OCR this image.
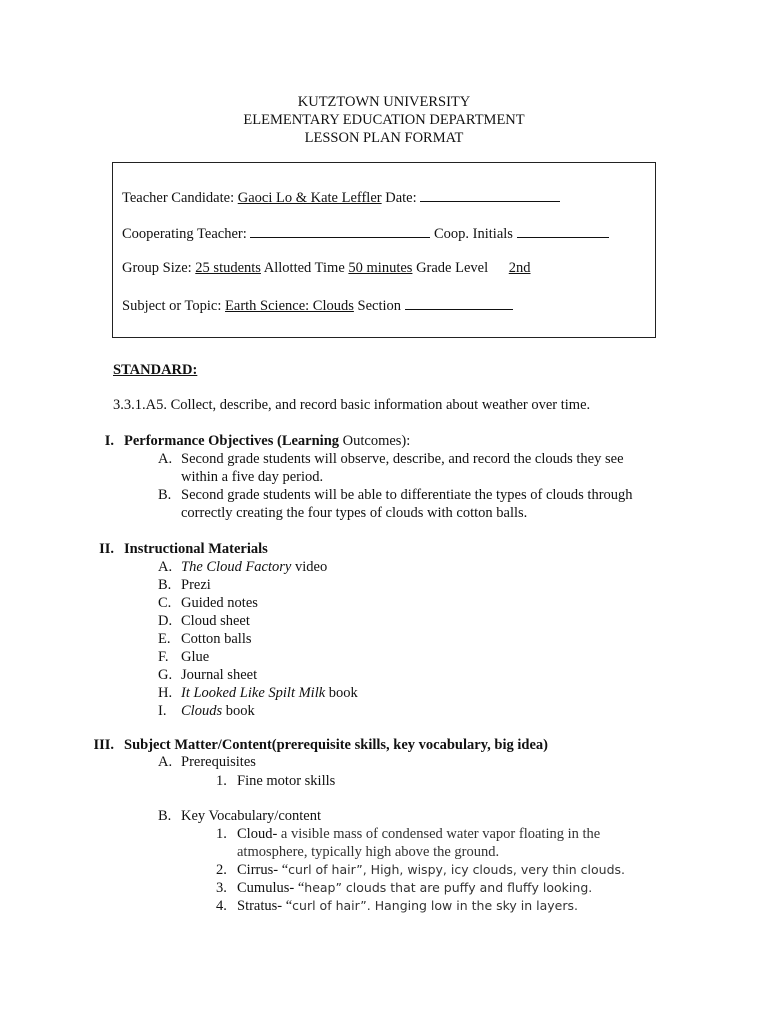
KUTZTOWN UNIVERSITY
ELEMENTARY EDUCATION DEPARTMENT
LESSON PLAN FORMAT
Teacher Candidate: Gaoci Lo & Kate Leffler Date:
Cooperating Teacher:	Coop. Initials
Group Size: 25 students Allotted Time 50 minutes Grade Level 2nd
Subject or Topic: Earth Science: Clouds Section
STANDARD:
3.3.1.A5. Collect, describe, and record basic information about weather over time.
I. Performance Objectives (Learning Outcomes):
A. Second grade students will observe, describe, and record the clouds they see
within a five day period.
B. Second grade students will be able to differentiate the types of clouds through
correctly creating the four types of clouds with cotton balls.
II. Instructional Materials
A. The Cloud Factory video
B. Prezi
C. Guided notes
D. Cloud sheet
E. Cotton balls
F. Glue
G. Journal sheet
H. It Looked Like Spilt Milk book
I. Clouds book
III. Subject Matter/Content(prerequisite skills, key vocabulary, big idea)
A. Prerequisites
1. Fine motor skills
B. Key Vocabulary/content
1. Cloud- a visible mass of condensed water vapor floating in the
atmosphere, typically high above the ground.
2. Cirrus- “curl of hair”, High, wispy, icy clouds, very thin clouds.
3. Cumulus- “heap” clouds that are puffy and fluffy looking.
4. Stratus- “curl of hair”. Hanging low in the sky in layers.
